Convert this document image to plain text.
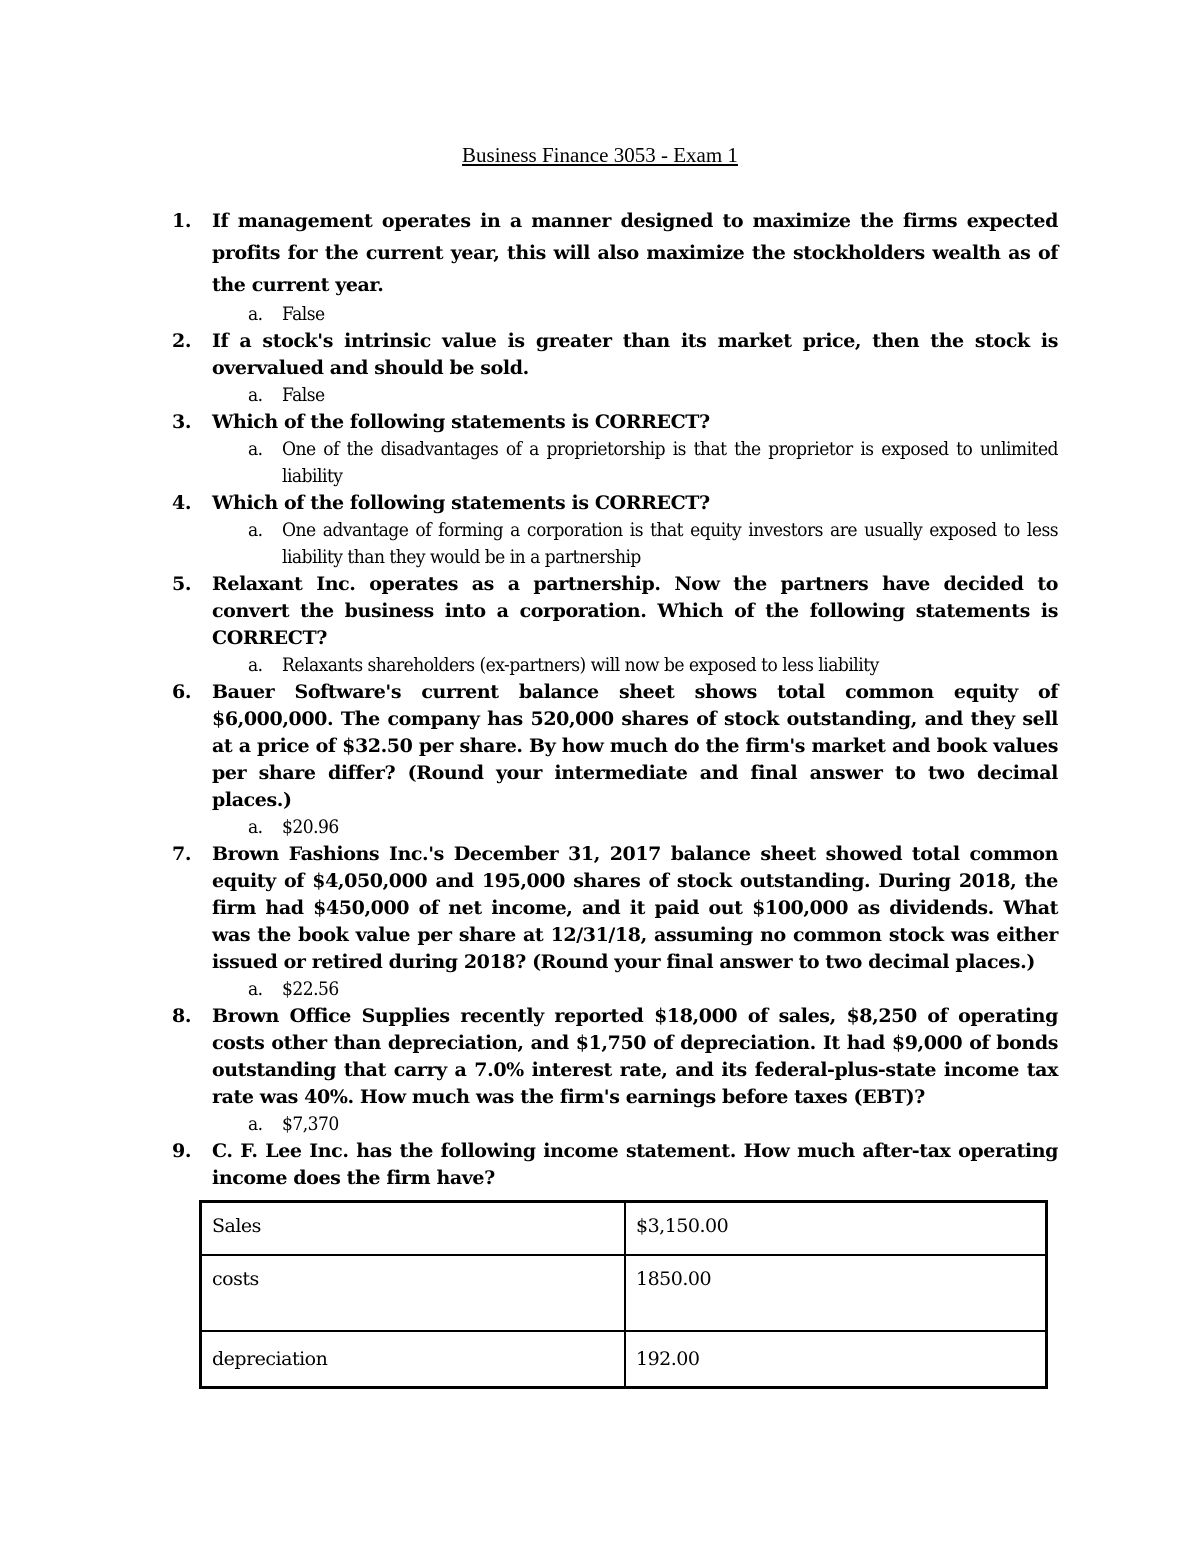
Business Finance 3053 - Exam 1
1.	If management operates in a manner designed to maximize the firms expected profits for the current year, this will also maximize the stockholders wealth as of the current year.
a.	False
2.	If a stock's intrinsic value is greater than its market price, then the stock is overvalued and should be sold.
a.	False
3.	Which of the following statements is CORRECT?
a.	One of the disadvantages of a proprietorship is that the proprietor is exposed to unlimited liability
4.	Which of the following statements is CORRECT?
a.	One advantage of forming a corporation is that equity investors are usually exposed to less liability than they would be in a partnership
5.	Relaxant Inc. operates as a partnership. Now the partners have decided to convert the business into a corporation. Which of the following statements is CORRECT?
a.	Relaxants shareholders (ex-partners) will now be exposed to less liability
6.	Bauer Software's current balance sheet shows total common equity of $6,000,000. The company has 520,000 shares of stock outstanding, and they sell at a price of $32.50 per share. By how much do the firm's market and book values per share differ? (Round your intermediate and final answer to two decimal places.)
a.	$20.96
7.	Brown Fashions Inc.'s December 31, 2017 balance sheet showed total common equity of $4,050,000 and 195,000 shares of stock outstanding. During 2018, the firm had $450,000 of net income, and it paid out $100,000 as dividends. What was the book value per share at 12/31/18, assuming no common stock was either issued or retired during 2018? (Round your final answer to two decimal places.)
a.	$22.56
8.	Brown Office Supplies recently reported $18,000 of sales, $8,250 of operating costs other than depreciation, and $1,750 of depreciation. It had $9,000 of bonds outstanding that carry a 7.0% interest rate, and its federal-plus-state income tax rate was 40%. How much was the firm's earnings before taxes (EBT)?
a.	$7,370
9.	C. F. Lee Inc. has the following income statement. How much after-tax operating income does the firm have?
Sales	$3,150.00
costs	1850.00
depreciation	192.00
